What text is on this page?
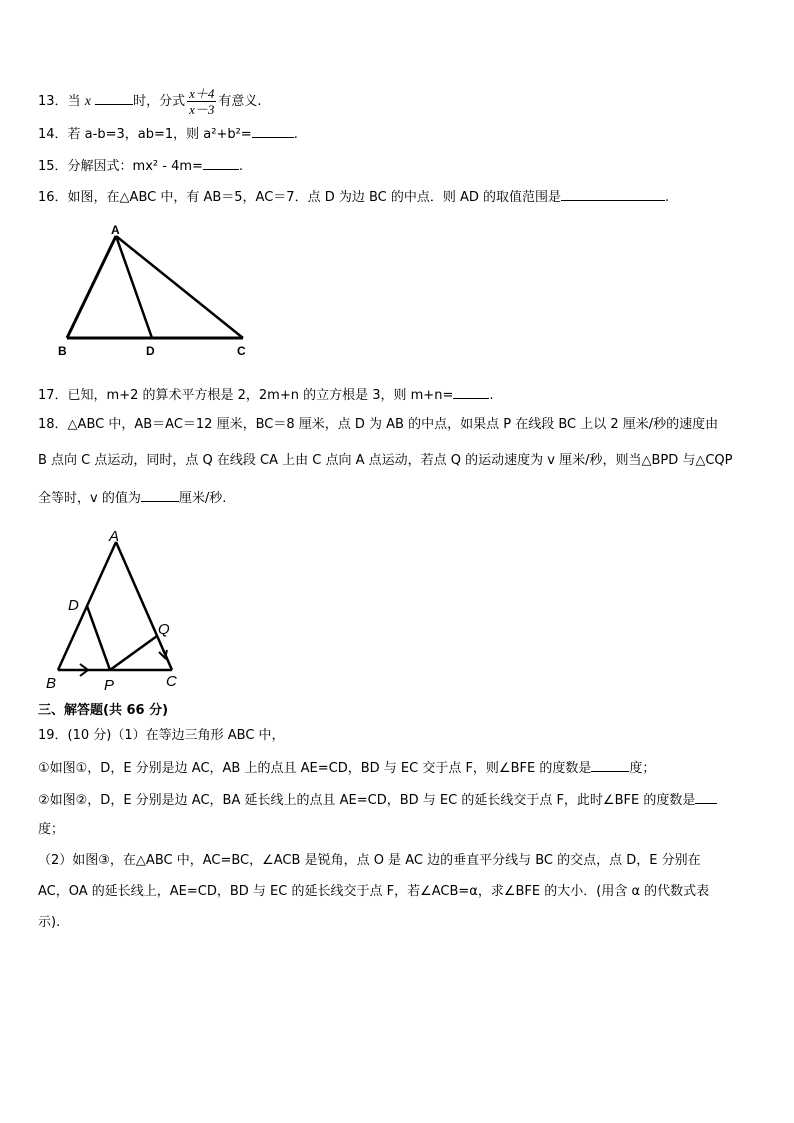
13．当 x	时，分式 $\frac{x+4}{x-3}$ 有意义.
14．若 a-b=3，ab=1，则 a²+b²=	.
15．分解因式：mx² - 4m=	.
16．如图，在△ABC 中，有 AB＝5，AC＝7．点 D 为边 BC 的中点．则 AD 的取值范围是	.
A
B	D	C
17．已知，m+2 的算术平方根是 2，2m+n 的立方根是 3，则 m+n=	.
18．△ABC 中，AB＝AC＝12 厘米，BC＝8 厘米，点 D 为 AB 的中点，如果点 P 在线段 BC 上以 2 厘米/秒的速度由
B 点向 C 点运动，同时，点 Q 在线段 CA 上由 C 点向 A 点运动，若点 Q 的运动速度为 v 厘米/秒，则当△BPD 与△CQP
全等时，v 的值为	厘米/秒.
A
D
Q
B	P	C
三、解答题(共 66 分)
19．(10 分)（1）在等边三角形 ABC 中，
①如图①，D，E 分别是边 AC，AB 上的点且 AE=CD，BD 与 EC 交于点 F，则∠BFE 的度数是	度；
②如图②，D，E 分别是边 AC，BA 延长线上的点且 AE=CD，BD 与 EC 的延长线交于点 F，此时∠BFE 的度数是
度；
（2）如图③，在△ABC 中，AC=BC，∠ACB 是锐角，点 O 是 AC 边的垂直平分线与 BC 的交点，点 D，E 分别在
AC，OA 的延长线上，AE=CD，BD 与 EC 的延长线交于点 F，若∠ACB=α，求∠BFE 的大小．(用含 α 的代数式表
示).
